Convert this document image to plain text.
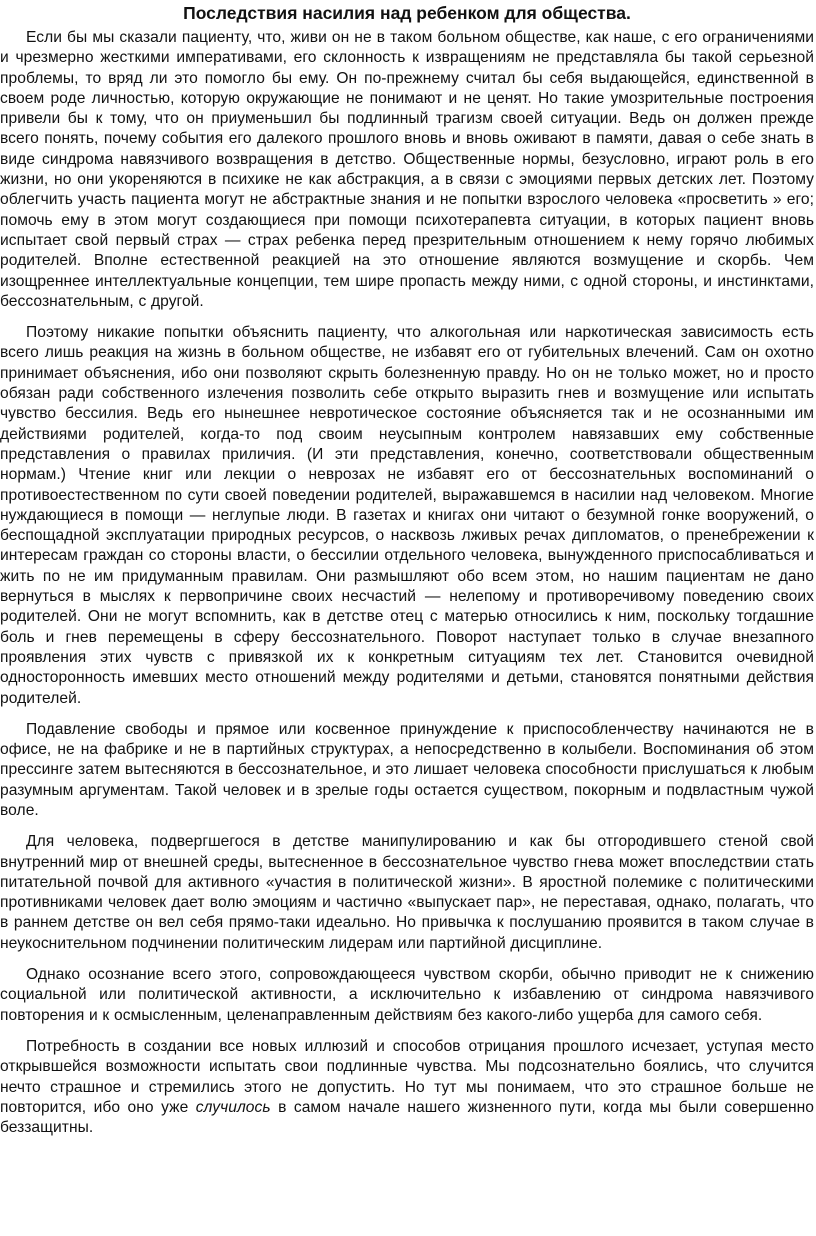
Последствия насилия над ребенком для общества.

Если бы мы сказали пациенту, что, живи он не в таком больном обществе, как наше, с его ограничениями и чрезмерно жесткими императивами, его склонность к извращениям не представляла бы такой серьезной проблемы, то вряд ли это помогло бы ему. Он по-прежнему считал бы себя выдающейся, единственной в своем роде личностью, которую окружающие не понимают и не ценят. Но такие умозрительные построения привели бы к тому, что он приуменьшил бы подлинный трагизм своей ситуации. Ведь он должен прежде всего понять, почему события его далекого прошлого вновь и вновь оживают в памяти, давая о себе знать в виде синдрома навязчивого возвращения в детство. Общественные нормы, безусловно, играют роль в его жизни, но они укореняются в психике не как абстракция, а в связи с эмоциями первых детских лет. Поэтому облегчить участь пациента могут не абстрактные знания и не попытки взрослого человека «просветить » его; помочь ему в этом могут создающиеся при помощи психотерапевта ситуации, в которых пациент вновь испытает свой первый страх — страх ребенка перед презрительным отношением к нему горячо любимых родителей. Вполне естественной реакцией на это отношение являются возмущение и скорбь. Чем изощреннее интеллектуальные концепции, тем шире пропасть между ними, с одной стороны, и инстинктами, бессознательным, с другой.

Поэтому никакие попытки объяснить пациенту, что алкогольная или наркотическая зависимость есть всего лишь реакция на жизнь в больном обществе, не избавят его от губительных влечений. Сам он охотно принимает объяснения, ибо они позволяют скрыть болезненную правду. Но он не только может, но и просто обязан ради собственного излечения позволить себе открыто выразить гнев и возмущение или испытать чувство бессилия. Ведь его нынешнее невротическое состояние объясняется так и не осознанными им действиями родителей, когда-то под своим неусыпным контролем навязавших ему собственные представления о правилах приличия. (И эти представления, конечно, соответствовали общественным нормам.) Чтение книг или лекции о неврозах не избавят его от бессознательных воспоминаний о противоестественном по сути своей поведении родителей, выражавшемся в насилии над человеком. Многие нуждающиеся в помощи — неглупые люди. В газетах и книгах они читают о безумной гонке вооружений, о беспощадной эксплуатации природных ресурсов, о насквозь лживых речах дипломатов, о пренебрежении к интересам граждан со стороны власти, о бессилии отдельного человека, вынужденного приспосабливаться и жить по не им придуманным правилам. Они размышляют обо всем этом, но нашим пациентам не дано вернуться в мыслях к первопричине своих несчастий — нелепому и противоречивому поведению своих родителей. Они не могут вспомнить, как в детстве отец с матерью относились к ним, поскольку тогдашние боль и гнев перемещены в сферу бессознательного. Поворот наступает только в случае внезапного проявления этих чувств с привязкой их к конкретным ситуациям тех лет. Становится очевидной односторонность имевших место отношений между родителями и детьми, становятся понятными действия родителей.

Подавление свободы и прямое или косвенное принуждение к приспособленчеству начинаются не в офисе, не на фабрике и не в партийных структурах, а непосредственно в колыбели. Воспоминания об этом прессинге затем вытесняются в бессознательное, и это лишает человека способности прислушаться к любым разумным аргументам. Такой человек и в зрелые годы остается существом, покорным и подвластным чужой воле.

Для человека, подвергшегося в детстве манипулированию и как бы отгородившего стеной свой внутренний мир от внешней среды, вытесненное в бессознательное чувство гнева может впоследствии стать питательной почвой для активного «участия в политической жизни». В яростной полемике с политическими противниками человек дает волю эмоциям и частично «выпускает пар», не переставая, однако, полагать, что в раннем детстве он вел себя прямо-таки идеально. Но привычка к послушанию проявится в таком случае в неукоснительном подчинении политическим лидерам или партийной дисциплине.

Однако осознание всего этого, сопровождающееся чувством скорби, обычно приводит не к снижению социальной или политической активности, а исключительно к избавлению от синдрома навязчивого повторения и к осмысленным, целенаправленным действиям без какого-либо ущерба для самого себя.

Потребность в создании все новых иллюзий и способов отрицания прошлого исчезает, уступая место открывшейся возможности испытать свои подлинные чувства. Мы подсознательно боялись, что случится нечто страшное и стремились этого не допустить. Но тут мы понимаем, что это страшное больше не повторится, ибо оно уже случилось в самом начале нашего жизненного пути, когда мы были совершенно беззащитны.
